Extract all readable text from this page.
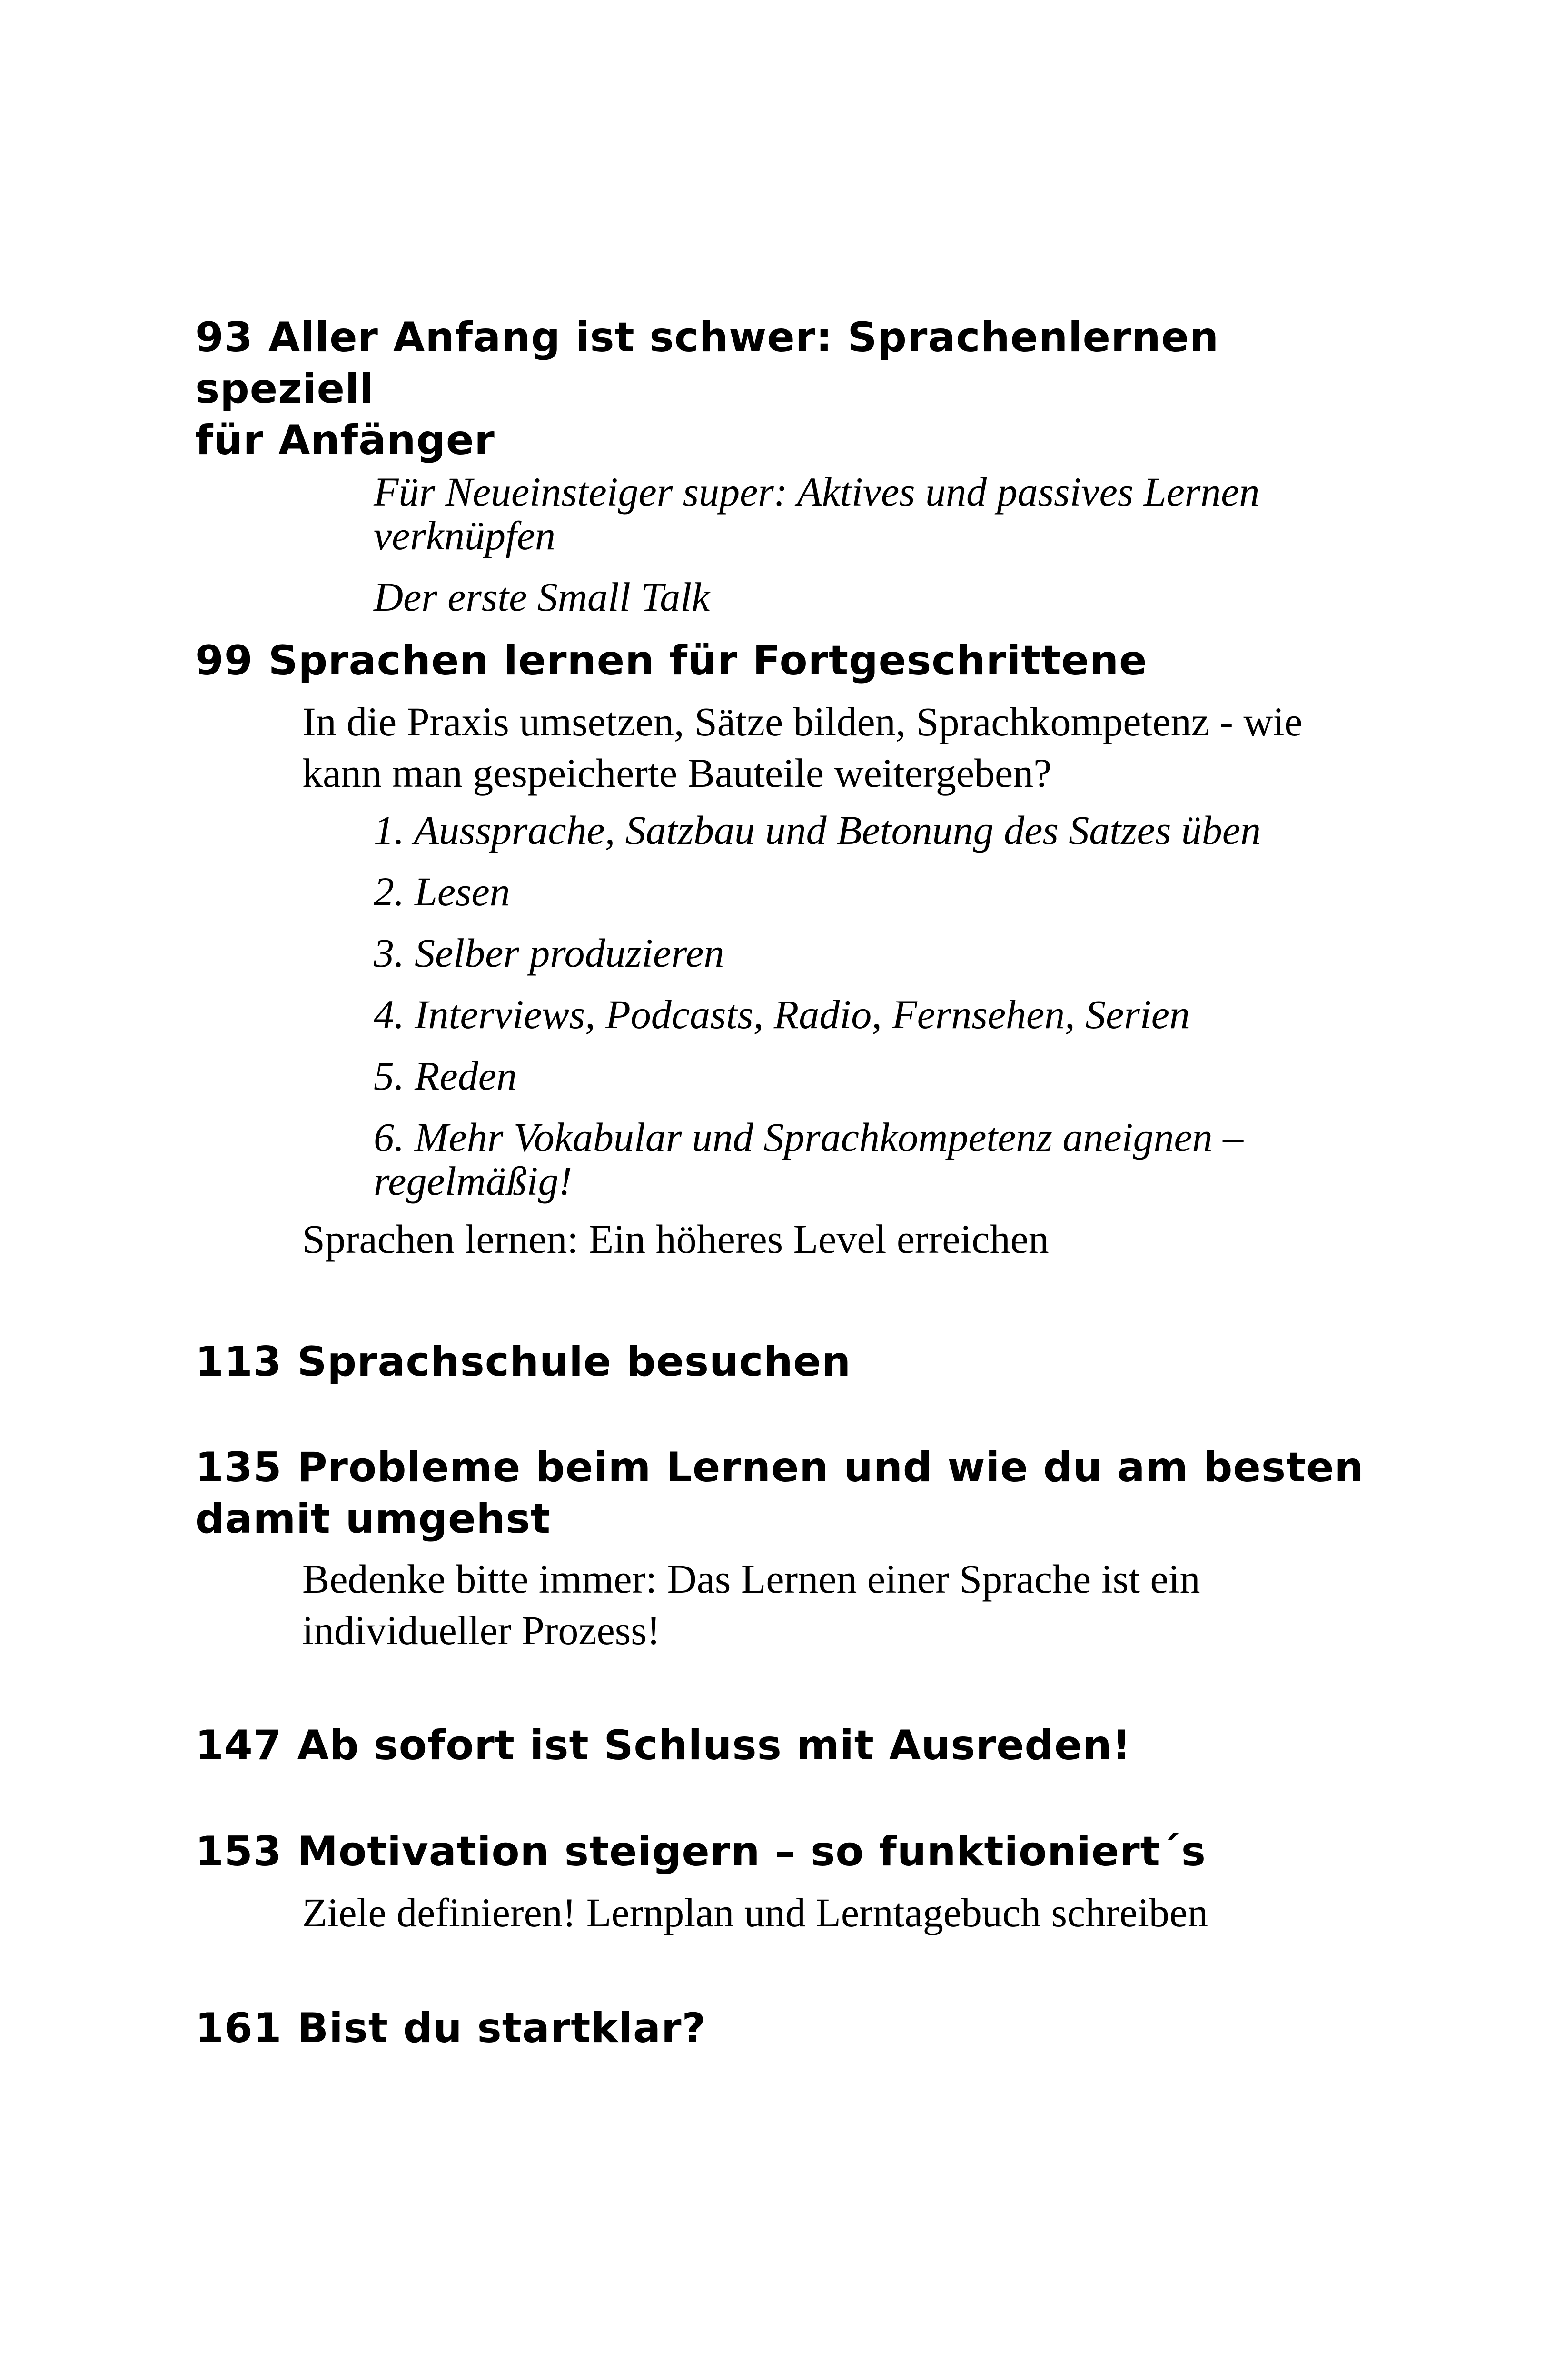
93 Aller Anfang ist schwer: Sprachenlernen speziell

für Anfänger

Für Neueinsteiger super: Aktives und passives Lernen

verknüpfen

Der erste Small Talk

99 Sprachen lernen für Fortgeschrittene

In die Praxis umsetzen, Sätze bilden, Sprachkompetenz - wie

kann man gespeicherte Bauteile weitergeben?

1. Aussprache, Satzbau und Betonung des Satzes üben

2. Lesen

3. Selber produzieren

4. Interviews, Podcasts, Radio, Fernsehen, Serien

5. Reden

6. Mehr Vokabular und Sprachkompetenz aneignen –

regelmäßig!

Sprachen lernen: Ein höheres Level erreichen

113 Sprachschule besuchen

135 Probleme beim Lernen und wie du am besten

damit umgehst

Bedenke bitte immer: Das Lernen einer Sprache ist ein

individueller Prozess!

147 Ab sofort ist Schluss mit Ausreden!

153 Motivation steigern – so funktioniert´s

Ziele definieren! Lernplan und Lerntagebuch schreiben

161 Bist du startklar?
